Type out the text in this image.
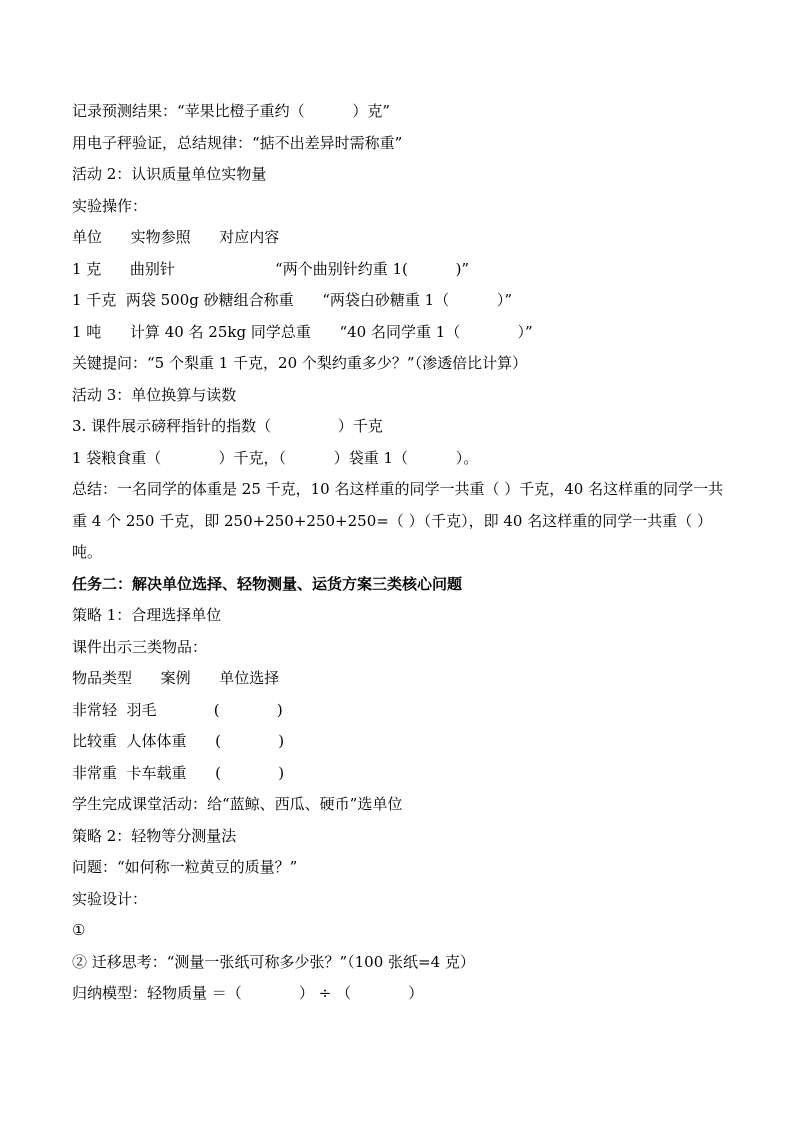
记录预测结果：“苹果比橙子重约（          ）克”
用电子秤验证，总结规律：“掂不出差异时需称重”
活动 2：认识质量单位实物量
实验操作：
单位      实物参照      对应内容
1 克      曲别针                     “两个曲别针约重 1(          )”
1 千克  两袋 500g 砂糖组合称重      “两袋白砂糖重 1（          ）”
1 吨      计算 40 名 25kg 同学总重      “40 名同学重 1（            ）”
关键提问：“5 个梨重 1 千克，20 个梨约重多少？”（渗透倍比计算）
活动 3：单位换算与读数
3. 课件展示磅秤指针的指数（              ）千克
1 袋粮食重（            ）千克，（          ）袋重 1（          ）。
总结：一名同学的体重是 25 千克，10 名这样重的同学一共重（ ）千克，40 名这样重的同学一共重 4 个 250 千克，即 250+250+250+250=（ ）（千克），即 40 名这样重的同学一共重（ ）吨。
任务二：解决单位选择、轻物测量、运货方案三类核心问题
策略 1：合理选择单位
课件出示三类物品：
物品类型      案例      单位选择
非常轻  羽毛            (            )
比较重  人体体重      (            )
非常重  卡车载重      (            )
学生完成课堂活动：给“蓝鲸、西瓜、硬币”选单位
策略 2：轻物等分测量法
问题：“如何称一粒黄豆的质量？”
实验设计：
①
② 迁移思考：“测量一张纸可称多少张？”（100 张纸=4 克）
归纳模型：轻物质量 ＝（            ） ÷ （            ）
